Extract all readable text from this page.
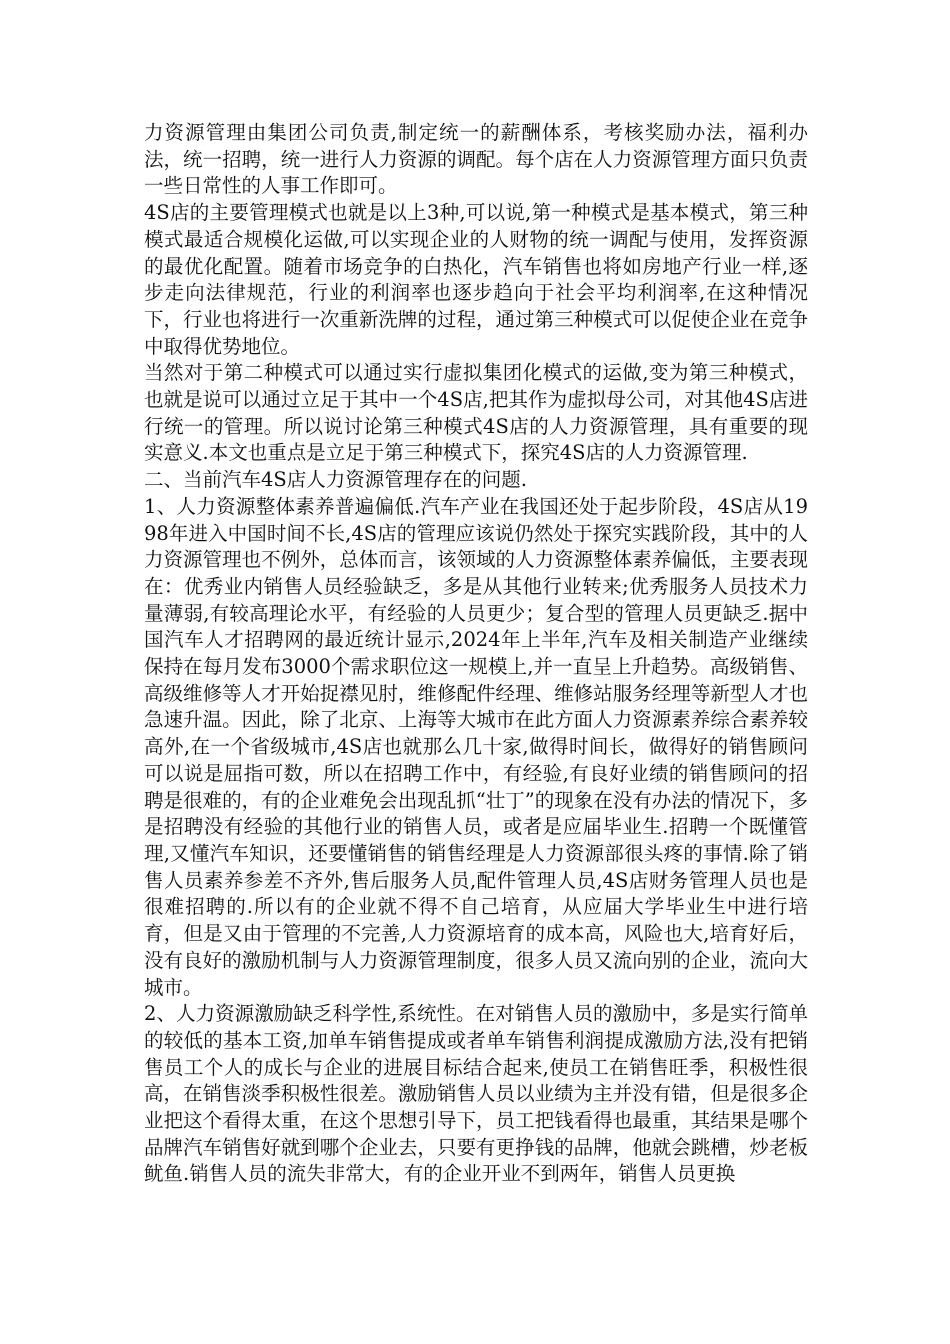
力资源管理由集团公司负责,制定统一的薪酬体系，考核奖励办法，福利办法，统一招聘，统一进行人力资源的调配。每个店在人力资源管理方面只负责一些日常性的人事工作即可。

4S店的主要管理模式也就是以上3种,可以说,第一种模式是基本模式，第三种模式最适合规模化运做,可以实现企业的人财物的统一调配与使用，发挥资源的最优化配置。随着市场竞争的白热化，汽车销售也将如房地产行业一样,逐步走向法律规范，行业的利润率也逐步趋向于社会平均利润率,在这种情况下，行业也将进行一次重新洗牌的过程，通过第三种模式可以促使企业在竞争中取得优势地位。

当然对于第二种模式可以通过实行虚拟集团化模式的运做,变为第三种模式，也就是说可以通过立足于其中一个4S店,把其作为虚拟母公司，对其他4S店进行统一的管理。所以说讨论第三种模式4S店的人力资源管理，具有重要的现实意义.本文也重点是立足于第三种模式下，探究4S店的人力资源管理.

二、当前汽车4S店人力资源管理存在的问题.

1、人力资源整体素养普遍偏低.汽车产业在我国还处于起步阶段，4S店从1998年进入中国时间不长,4S店的管理应该说仍然处于探究实践阶段，其中的人力资源管理也不例外，总体而言，该领域的人力资源整体素养偏低，主要表现在：优秀业内销售人员经验缺乏，多是从其他行业转来;优秀服务人员技术力量薄弱,有较高理论水平，有经验的人员更少；复合型的管理人员更缺乏.据中国汽车人才招聘网的最近统计显示,2024年上半年,汽车及相关制造产业继续保持在每月发布3000个需求职位这一规模上,并一直呈上升趋势。高级销售、高级维修等人才开始捉襟见肘，维修配件经理、维修站服务经理等新型人才也急速升温。因此，除了北京、上海等大城市在此方面人力资源素养综合素养较高外,在一个省级城市,4S店也就那么几十家,做得时间长，做得好的销售顾问可以说是屈指可数，所以在招聘工作中，有经验,有良好业绩的销售顾问的招聘是很难的，有的企业难免会出现乱抓“壮丁”的现象在没有办法的情况下，多是招聘没有经验的其他行业的销售人员，或者是应届毕业生.招聘一个既懂管理,又懂汽车知识，还要懂销售的销售经理是人力资源部很头疼的事情.除了销售人员素养参差不齐外,售后服务人员,配件管理人员,4S店财务管理人员也是很难招聘的.所以有的企业就不得不自己培育，从应届大学毕业生中进行培育，但是又由于管理的不完善,人力资源培育的成本高，风险也大,培育好后，没有良好的激励机制与人力资源管理制度，很多人员又流向别的企业，流向大城市。

2、人力资源激励缺乏科学性,系统性。在对销售人员的激励中，多是实行简单的较低的基本工资,加单车销售提成或者单车销售利润提成激励方法,没有把销售员工个人的成长与企业的进展目标结合起来,使员工在销售旺季，积极性很高，在销售淡季积极性很差。激励销售人员以业绩为主并没有错，但是很多企业把这个看得太重，在这个思想引导下，员工把钱看得也最重，其结果是哪个品牌汽车销售好就到哪个企业去，只要有更挣钱的品牌，他就会跳槽，炒老板鱿鱼.销售人员的流失非常大，有的企业开业不到两年，销售人员更换
